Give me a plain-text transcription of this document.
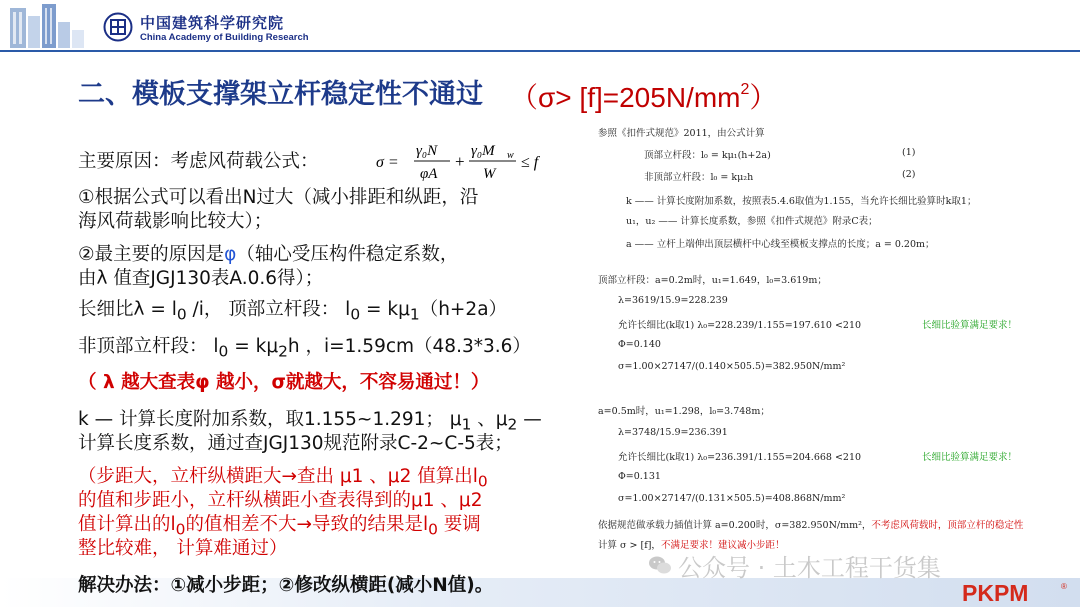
中国建筑科学研究院
China Academy of Building Research
二、模板支撑架立杆稳定性不通过 $(\sigma> [f]=205N/mm^2)$
主要原因：考虑风荷载公式：	σ =
γ₀N
φA
+
γ₀M w
W
≤ f
①根据公式可以看出N过大（减小排距和纵距，沿
海风荷载影响比较大）；
②最主要的原因是φ（轴心受压构件稳定系数，
由λ 值查JGJ130表A.0.6得）；
长细比$\lambda = l_0$ /i， 顶部立杆段： $l_0 = k\mu_1(h+2a)$
非顶部立杆段： $l_0 = k\mu_2h$ ，i=1.59cm（48.3*3.6）
（ λ 越大查表φ 越小，σ就越大，不容易通过！）
k — 计算长度附加系数，取1.155~1.291； $\mu_1$ 、$\mu_2$ —
计算长度系数，通过查JGJ130规范附录C-2~C-5表；
（步距大，立杆纵横距大→查出 μ1 、μ2 值算出$l_0$
的值和步距小，立杆纵横距小查表得到的μ1 、μ2
值计算出的$l_0$的值相差不大→导致的结果是$l_0$ 要调
整比较难， 计算难通过）
解决办法：①减小步距；②修改纵横距(减小N值)。
参照《扣件式规范》2011，由公式计算
顶部立杆段：l₀ = kμ₁(h+2a)	(1)
非顶部立杆段：l₀ = kμ₂h	(2)
k —— 计算长度附加系数，按照表5.4.6取值为1.155，当允许长细比验算时k取1；
u₁，u₂ —— 计算长度系数，参照《扣件式规范》附录C表；
a —— 立杆上端伸出顶层横杆中心线至模板支撑点的长度；a = 0.20m；
顶部立杆段：a=0.2m时，u₁=1.649，l₀=3.619m；
λ=3619/15.9=228.239
允许长细比(k取1) λ₀=228.239/1.155=197.610 <210	长细比验算满足要求！
Φ=0.140
σ=1.00×27147/(0.140×505.5)=382.950N/mm²
a=0.5m时，u₁=1.298，l₀=3.748m；
λ=3748/15.9=236.391
允许长细比(k取1) λ₀=236.391/1.155=204.668 <210	长细比验算满足要求！
Φ=0.131
σ=1.00×27147/(0.131×505.5)=408.868N/mm²
依据规范做承载力插值计算 a=0.200时，σ=382.950N/mm²，不考虑风荷载时，顶部立杆的稳定性
计算 σ > [f]，不满足要求！建议减小步距！
公众号 · 土木工程干货集
PKPM	®
